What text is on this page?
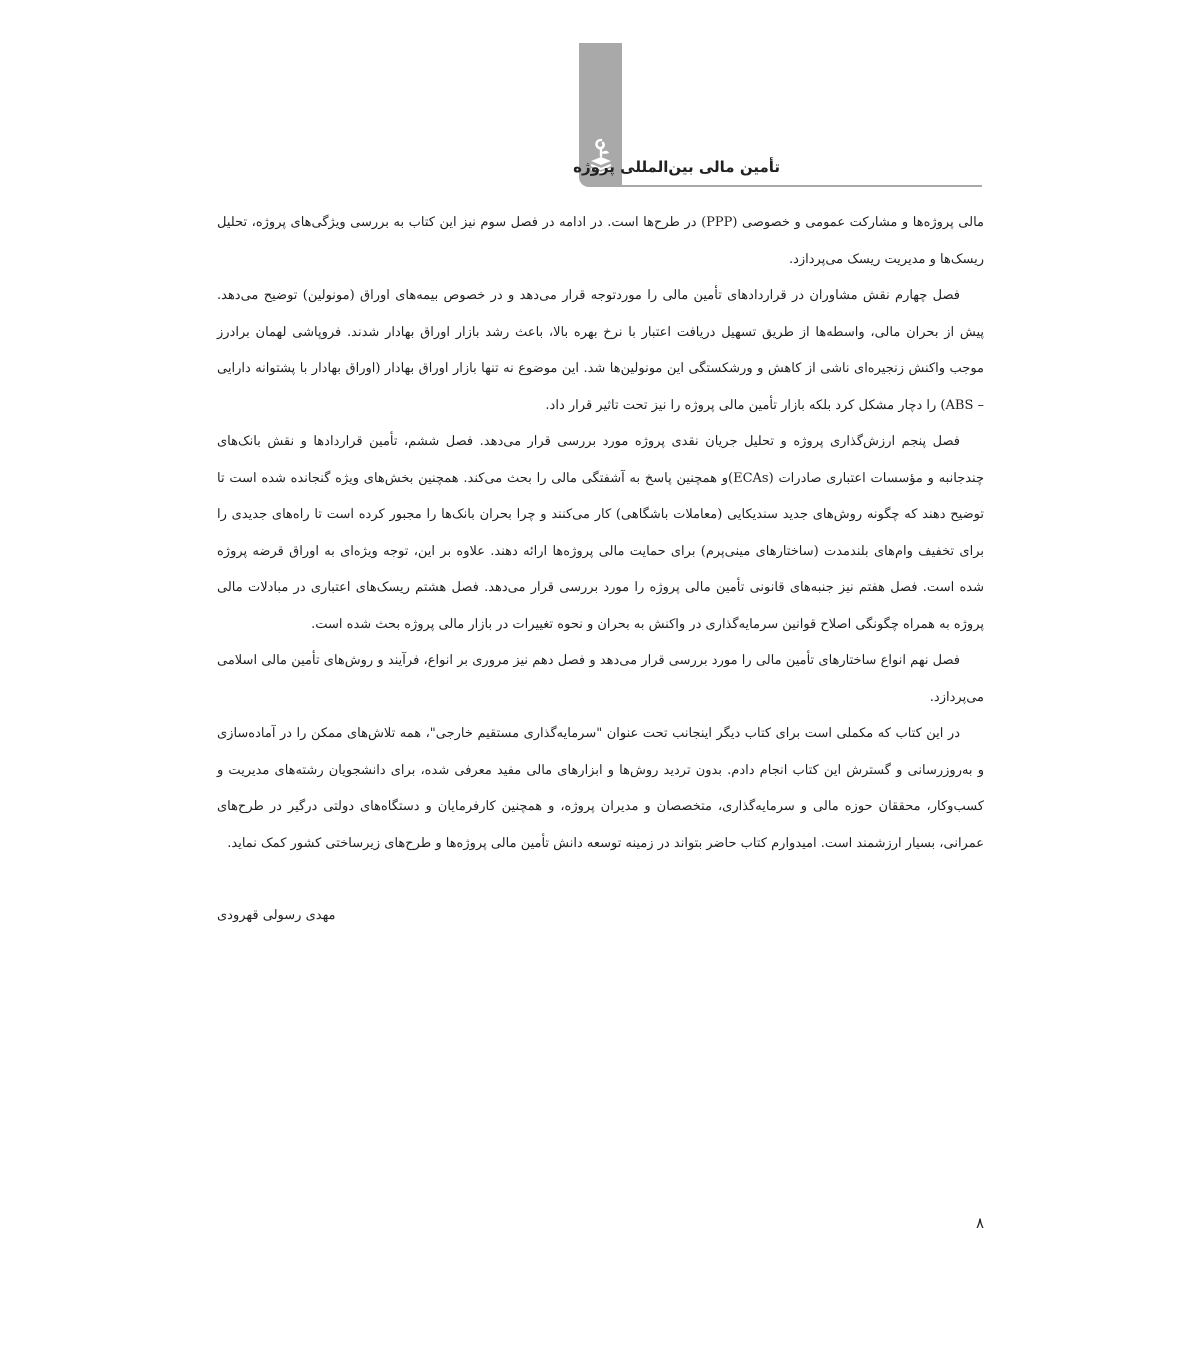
تأمین مالی بین‌المللی پروژه

مالی پروژه‌ها و مشارکت عمومی و خصوصی (PPP) در طرح‌ها است. در ادامه در فصل سوم نیز این کتاب به بررسی ویژگی‌های پروژه، تحلیل ریسک‌ها و مدیریت ریسک می‌پردازد.

فصل چهارم نقش مشاوران در قراردادهای تأمین مالی را موردتوجه قرار می‌دهد و در خصوص بیمه‌های اوراق (مونولین) توضیح می‌دهد. پیش از بحران مالی، واسطه‌ها از طریق تسهیل دریافت اعتبار با نرخ بهره بالا، باعث رشد بازار اوراق بهادار شدند. فروپاشی لهمان برادرز موجب واکنش زنجیره‌ای ناشی از کاهش و ورشکستگی این مونولین‌ها شد. این موضوع نه تنها بازار اوراق بهادار (اوراق بهادار با پشتوانه دارایی – ABS) را دچار مشکل کرد بلکه بازار تأمین مالی پروژه را نیز تحت تاثیر قرار داد.

فصل پنجم ارزش‌گذاری پروژه و تحلیل جریان نقدی پروژه مورد بررسی قرار می‌دهد. فصل ششم، تأمین قراردادها و نقش بانک‌های چندجانبه و مؤسسات اعتباری صادرات (ECAs)و همچنین پاسخ به آشفتگی مالی را بحث می‌کند. همچنین بخش‌های ویژه گنجانده شده است تا توضیح دهند که چگونه روش‌های جدید سندیکایی (معاملات باشگاهی) کار می‌کنند و چرا بحران بانک‌ها را مجبور کرده است تا راه‌های جدیدی را برای تخفیف وام‌های بلندمدت (ساختارهای مینی‌پرم) برای حمایت مالی پروژه‌ها ارائه دهند. علاوه بر این، توجه ویژه‌ای به اوراق قرضه پروژه شده است. فصل هفتم نیز جنبه‌های قانونی تأمین مالی پروژه را مورد بررسی قرار می‌دهد. فصل هشتم ریسک‌های اعتباری در مبادلات مالی پروژه به همراه چگونگی اصلاح قوانین سرمایه‌گذاری در واکنش به بحران و نحوه تغییرات در بازار مالی پروژه بحث شده است.

فصل نهم انواع ساختارهای تأمین مالی را مورد بررسی قرار می‌دهد و فصل دهم نیز مروری بر انواع، فرآیند و روش‌های تأمین مالی اسلامی می‌پردازد.

در این کتاب که مکملی است برای کتاب دیگر اینجانب تحت عنوان "سرمایه‌گذاری مستقیم خارجی"، همه تلاش‌های ممکن را در آماده‌سازی و به‌روزرسانی و گسترش این کتاب انجام دادم. بدون تردید روش‌ها و ابزارهای مالی مفید معرفی شده، برای دانشجویان رشته‌های مدیریت و کسب‌وکار، محققان حوزه مالی و سرمایه‌گذاری، متخصصان و مدیران پروژه، و همچنین کارفرمایان و دستگاه‌های دولتی درگیر در طرح‌های عمرانی، بسیار ارزشمند است. امیدوارم کتاب حاضر بتواند در زمینه توسعه دانش تأمین مالی پروژه‌ها و طرح‌های زیرساختی کشور کمک نماید.

مهدی رسولی قهرودی
۸
